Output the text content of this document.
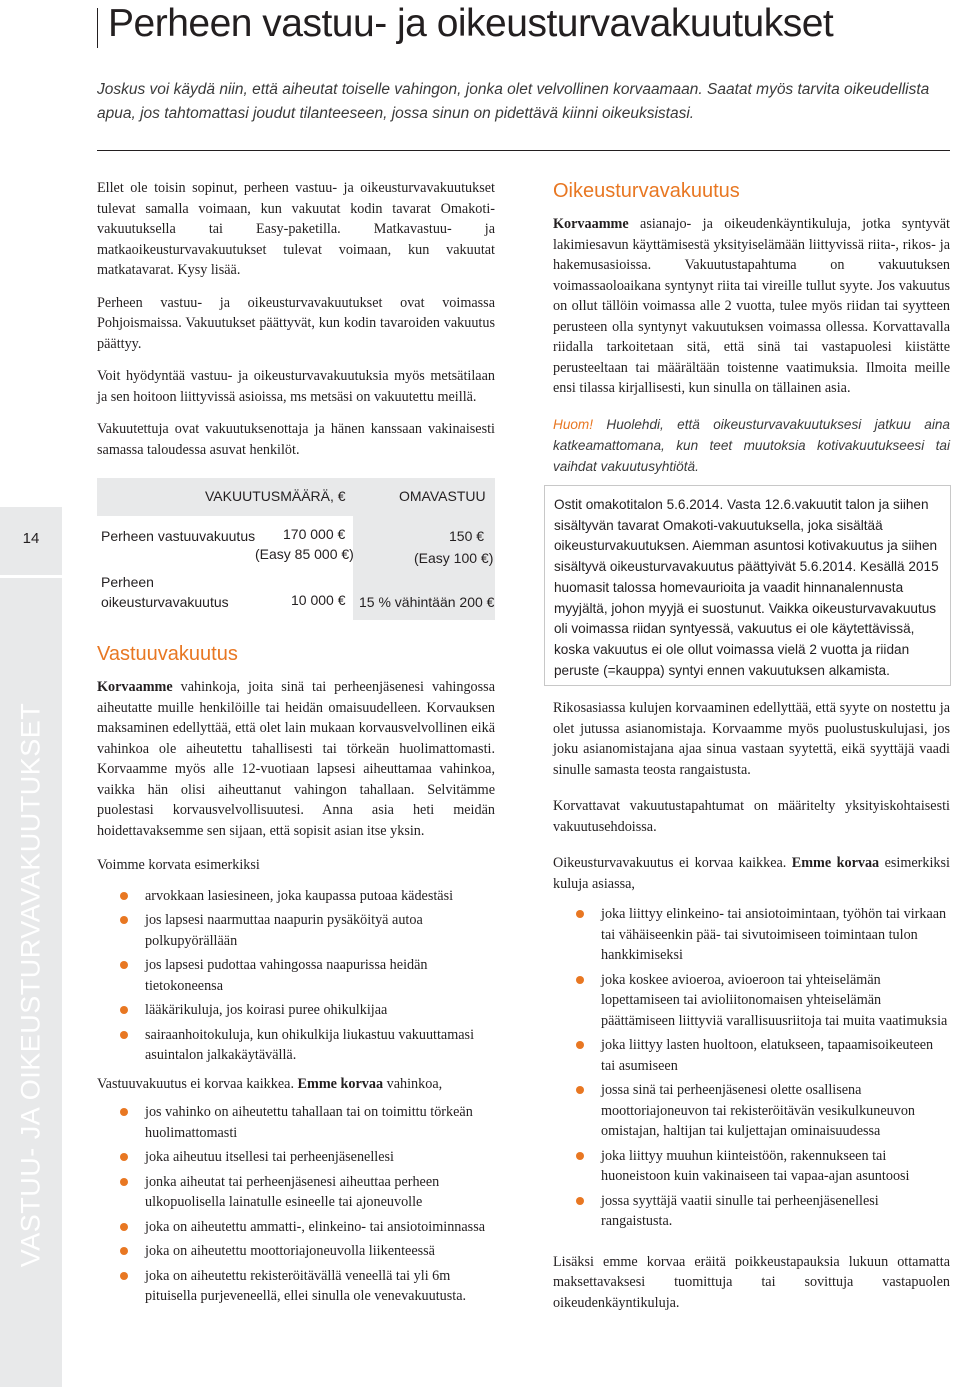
Perheen vastuu- ja oikeusturvavakuutukset

Joskus voi käydä niin, että aiheutat toiselle vahingon, jonka olet velvollinen korvaamaan. Saatat myös tarvita oikeudellista apua, jos tahtomattasi joudut tilanteeseen, jossa sinun on pidettävä kiinni oikeuksistasi.

14
VASTUU- JA OIKEUSTURVAVAKUUTUKSET

Ellet ole toisin sopinut, perheen vastuu- ja oikeusturvavakuutukset tulevat samalla voimaan, kun vakuutat kodin tavarat Omakoti-vakuutuksella tai Easy-paketilla. Matkavastuu- ja matkaoikeusturvavakuutukset tulevat voimaan, kun vakuutat matkatavarat. Kysy lisää.

Perheen vastuu- ja oikeusturvavakuutukset ovat voimassa Pohjoismaissa. Vakuutukset päättyvät, kun kodin tavaroiden vakuutus päättyy.

Voit hyödyntää vastuu- ja oikeusturvavakuutuksia myös metsätilaan ja sen hoitoon liittyvissä asioissa, ms metsäsi on vakuutettu meillä.

Vakuutettuja ovat vakuutuksenottaja ja hänen kanssaan vakinaisesti samassa taloudessa asuvat henkilöt.

VAKUUTUSMÄÄRÄ, €	OMAVASTUU
Perheen vastuuvakuutus 170 000 €
(Easy 85 000 €)
150 €
(Easy 100 €)
Perheen
oikeusturvavakuutus	10 000 € 15 % vähintään 200 €
Vastuuvakuutus

Korvaamme vahinkoja, joita sinä tai perheenjäsenesi vahingossa aiheutatte muille henkilöille tai heidän omaisuudelleen. Korvauksen maksaminen edellyttää, että olet lain mukaan korvausvelvollinen eikä vahinkoa ole aiheutettu tahallisesti tai törkeän huolimattomasti. Korvaamme myös alle 12-vuotiaan lapsesi aiheuttamaa vahinkoa, vaikka hän olisi aiheuttanut vahingon tahallaan. Selvitämme puolestasi korvausvelvollisuutesi. Anna asia heti meidän hoidettavaksemme sen sijaan, että sopisit asian itse yksin.

Voimme korvata esimerkiksi

arvokkaan lasiesineen, joka kaupassa putoaa kädestäsi
jos lapsesi naarmuttaa naapurin pysäköityä autoa polkupyörällään
jos lapsesi pudottaa vahingossa naapurissa heidän tietokoneensa
lääkärikuluja, jos koirasi puree ohikulkijaa
sairaanhoitokuluja, kun ohikulkija liukastuu vakuuttamasi asuintalon jalkakäytävällä.

Vastuuvakuutus ei korvaa kaikkea. Emme korvaa vahinkoa,

jos vahinko on aiheutettu tahallaan tai on toimittu törkeän huolimattomasti
joka aiheutuu itsellesi tai perheenjäsenellesi
jonka aiheutat tai perheenjäsenesi aiheuttaa perheen ulkopuolisella lainatulle esineelle tai ajoneuvolle
joka on aiheutettu ammatti-, elinkeino- tai ansiotoiminnassa
joka on aiheutettu moottoriajoneuvolla liikenteessä
joka on aiheutettu rekisteröitävällä veneellä tai yli 6m pituisella purjeveneellä, ellei sinulla ole venevakuutusta.
Oikeusturvavakuutus

Korvaamme asianajo- ja oikeudenkäyntikuluja, jotka syntyvät lakimiesavun käyttämisestä yksityiselämään liittyvissä riita-, rikos- ja hakemusasioissa. Vakuutustapahtuma on vakuutuksen voimassaoloaikana syntynyt riita tai vireille tullut syyte. Jos vakuutus on ollut tällöin voimassa alle 2 vuotta, tulee myös riidan tai syytteen perusteen olla syntynyt vakuutuksen voimassa ollessa. Korvattavalla riidalla tarkoitetaan sitä, että sinä tai vastapuolesi kiistätte perusteeltaan tai määrältään toistenne vaatimuksia. Ilmoita meille ensi tilassa kirjallisesti, kun sinulla on tällainen asia.

Huom! Huolehdi, että oikeusturvavakuutuksesi jatkuu aina katkeamattomana, kun teet muutoksia kotivakuutukseesi tai vaihdat vakuutusyhtiötä.

Ostit omakotitalon 5.6.2014. Vasta 12.6.vakuutit talon ja siihen sisältyvän tavarat Omakoti-vakuutuksella, joka sisältää oikeusturvakuutuksen. Aiemman asuntosi kotivakuutus ja siihen sisältyvä oikeusturvavakuutus päättyivät 5.6.2014. Kesällä 2015 huomasit talossa homevaurioita ja vaadit hinnanalennusta myyjältä, johon myyjä ei suostunut. Vaikka oikeusturvavakuutus oli voimassa riidan syntyessä, vakuutus ei ole käytettävissä, koska vakuutus ei ole ollut voimassa vielä 2 vuotta ja riidan peruste (=kauppa) syntyi ennen vakuutuksen alkamista.

Rikosasiassa kulujen korvaaminen edellyttää, että syyte on nostettu ja olet jutussa asianomistaja. Korvaamme myös puolustuskulujasi, jos joku asianomistajana ajaa sinua vastaan syytettä, eikä syyttäjä vaadi sinulle samasta teosta rangaistusta.

Korvattavat vakuutustapahtumat on määritelty yksityiskohtaisesti vakuutusehdoissa.

Oikeusturvavakuutus ei korvaa kaikkea. Emme korvaa esimerkiksi kuluja asiassa,

joka liittyy elinkeino- tai ansiotoimintaan, työhön tai virkaan tai vähäiseenkin pää- tai sivutoimiseen toimintaan tulon hankkimiseksi
joka koskee avioeroa, avioeroon tai yhteiselämän lopettamiseen tai avioliitonomaisen yhteiselämän päättämiseen liittyviä varallisuusriitoja tai muita vaatimuksia
joka liittyy lasten huoltoon, elatukseen, tapaamisoikeuteen tai asumiseen
jossa sinä tai perheenjäsenesi olette osallisena moottoriajoneuvon tai rekisteröitävän vesikulkuneuvon omistajan, haltijan tai kuljettajan ominaisuudessa
joka liittyy muuhun kiinteistöön, rakennukseen tai huoneistoon kuin vakinaiseen tai vapaa-ajan asuntoosi
jossa syyttäjä vaatii sinulle tai perheenjäsenellesi rangaistusta.

Lisäksi emme korvaa eräitä poikkeustapauksia lukuun ottamatta maksettavaksesi tuomittuja tai sovittuja vastapuolen oikeudenkäyntikuluja.
